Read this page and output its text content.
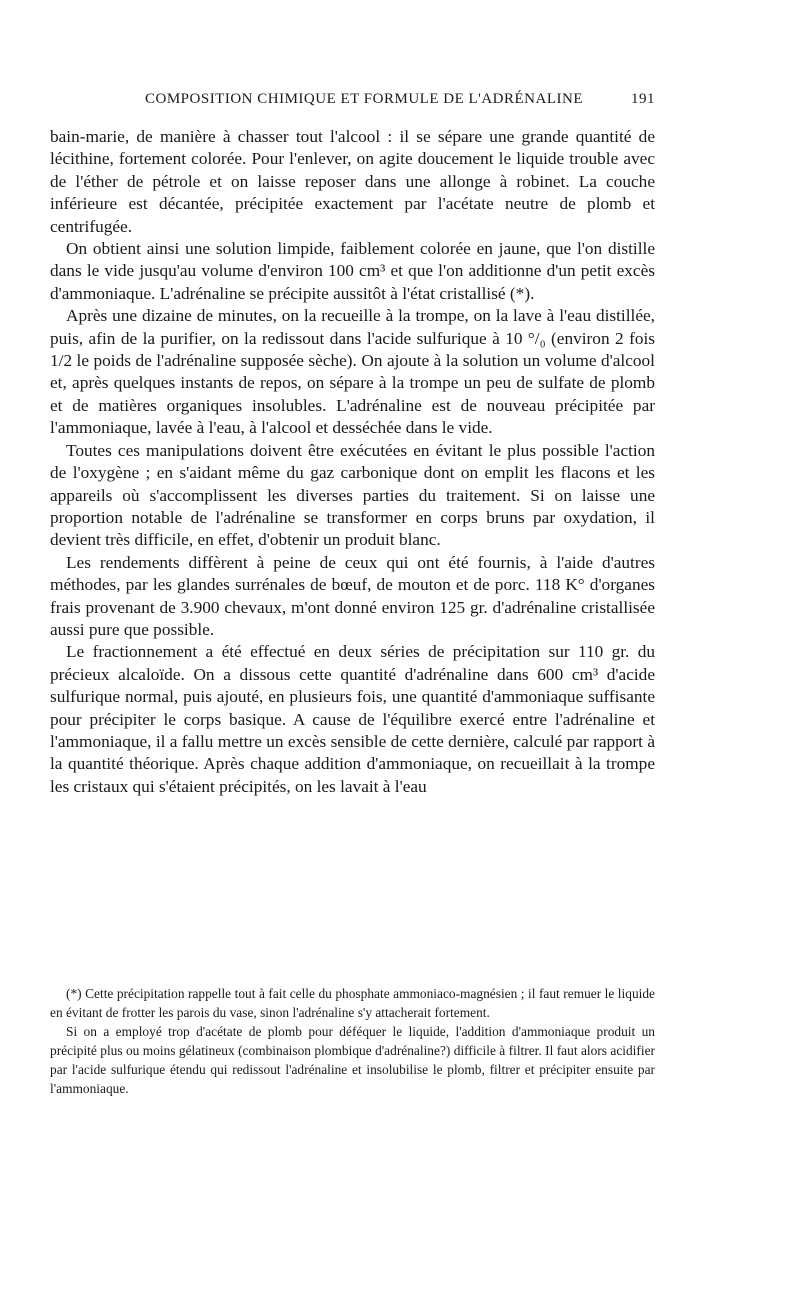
COMPOSITION CHIMIQUE ET FORMULE DE L'ADRÉNALINE	191

bain-marie, de manière à chasser tout l'alcool : il se sépare une grande quantité de lécithine, fortement colorée. Pour l'enlever, on agite doucement le liquide trouble avec de l'éther de pétrole et on laisse reposer dans une allonge à robinet. La couche inférieure est décantée, précipitée exactement par l'acétate neutre de plomb et centrifugée.

On obtient ainsi une solution limpide, faiblement colorée en jaune, que l'on distille dans le vide jusqu'au volume d'environ 100 cm³ et que l'on additionne d'un petit excès d'ammoniaque. L'adrénaline se précipite aussitôt à l'état cristallisé (*).

Après une dizaine de minutes, on la recueille à la trompe, on la lave à l'eau distillée, puis, afin de la purifier, on la redissout dans l'acide sulfurique à 10 °/₀ (environ 2 fois 1/2 le poids de l'adrénaline supposée sèche). On ajoute à la solution un volume d'alcool et, après quelques instants de repos, on sépare à la trompe un peu de sulfate de plomb et de matières organiques insolubles. L'adrénaline est de nouveau précipitée par l'ammoniaque, lavée à l'eau, à l'alcool et desséchée dans le vide.

Toutes ces manipulations doivent être exécutées en évitant le plus possible l'action de l'oxygène ; en s'aidant même du gaz carbonique dont on emplit les flacons et les appareils où s'accomplissent les diverses parties du traitement. Si on laisse une proportion notable de l'adrénaline se transformer en corps bruns par oxydation, il devient très difficile, en effet, d'obtenir un produit blanc.

Les rendements diffèrent à peine de ceux qui ont été fournis, à l'aide d'autres méthodes, par les glandes surrénales de bœuf, de mouton et de porc. 118 K° d'organes frais provenant de 3.900 chevaux, m'ont donné environ 125 gr. d'adrénaline cristallisée aussi pure que possible.

Le fractionnement a été effectué en deux séries de précipitation sur 110 gr. du précieux alcaloïde. On a dissous cette quantité d'adrénaline dans 600 cm³ d'acide sulfurique normal, puis ajouté, en plusieurs fois, une quantité d'ammoniaque suffisante pour précipiter le corps basique. A cause de l'équilibre exercé entre l'adrénaline et l'ammoniaque, il a fallu mettre un excès sensible de cette dernière, calculé par rapport à la quantité théorique. Après chaque addition d'ammoniaque, on recueillait à la trompe les cristaux qui s'étaient précipités, on les lavait à l'eau

(*) Cette précipitation rappelle tout à fait celle du phosphate ammoniaco-magnésien ; il faut remuer le liquide en évitant de frotter les parois du vase, sinon l'adrénaline s'y attacherait fortement.

Si on a employé trop d'acétate de plomb pour déféquer le liquide, l'addition d'ammoniaque produit un précipité plus ou moins gélatineux (combinaison plombique d'adrénaline?) difficile à filtrer. Il faut alors acidifier par l'acide sulfurique étendu qui redissout l'adrénaline et insolubilise le plomb, filtrer et précipiter ensuite par l'ammoniaque.
